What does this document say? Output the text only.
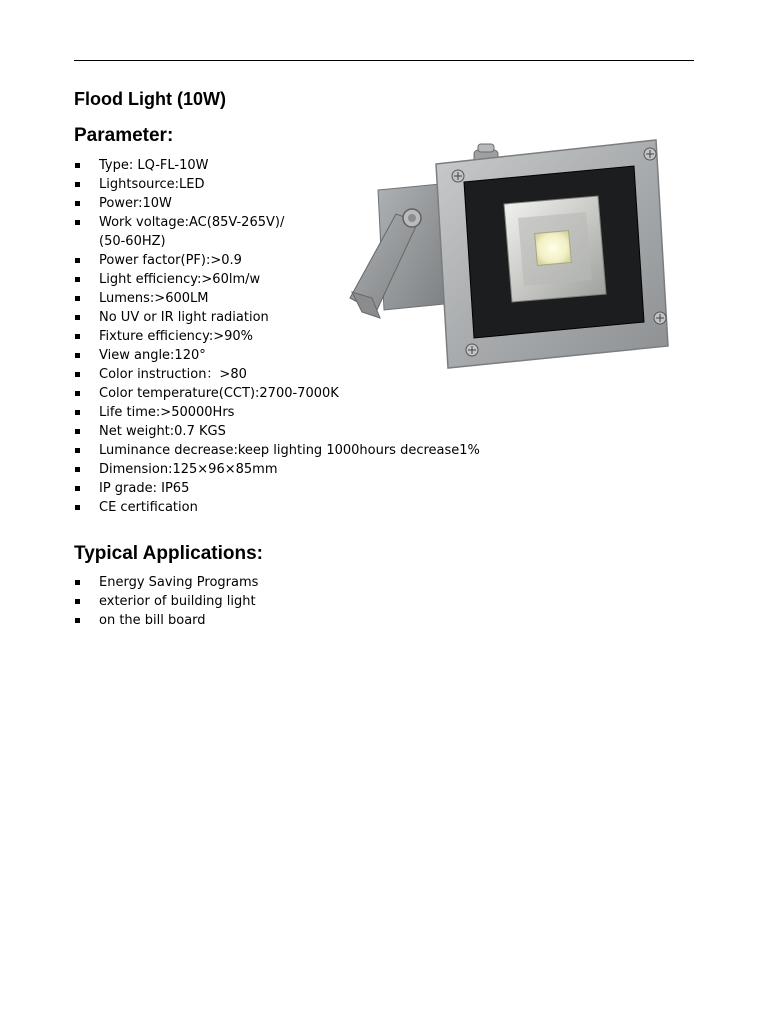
Flood Light (10W)
Parameter:
Type: LQ-FL-10W
Lightsource:LED
Power:10W
Work voltage:AC(85V-265V)/
(50-60HZ)
Power factor(PF):>0.9
Light efficiency:>60lm/w
Lumens:>600LM
No UV or IR light radiation
Fixture efficiency:>90%
View angle:120°
Color instruction：>80
Color temperature(CCT):2700-7000K
Life time:>50000Hrs
Net weight:0.7 KGS
Luminance decrease:keep lighting 1000hours decrease1%
Dimension:125×96×85mm
IP grade: IP65
CE certification
Typical Applications:
Energy Saving Programs
exterior of building light
on the bill board
